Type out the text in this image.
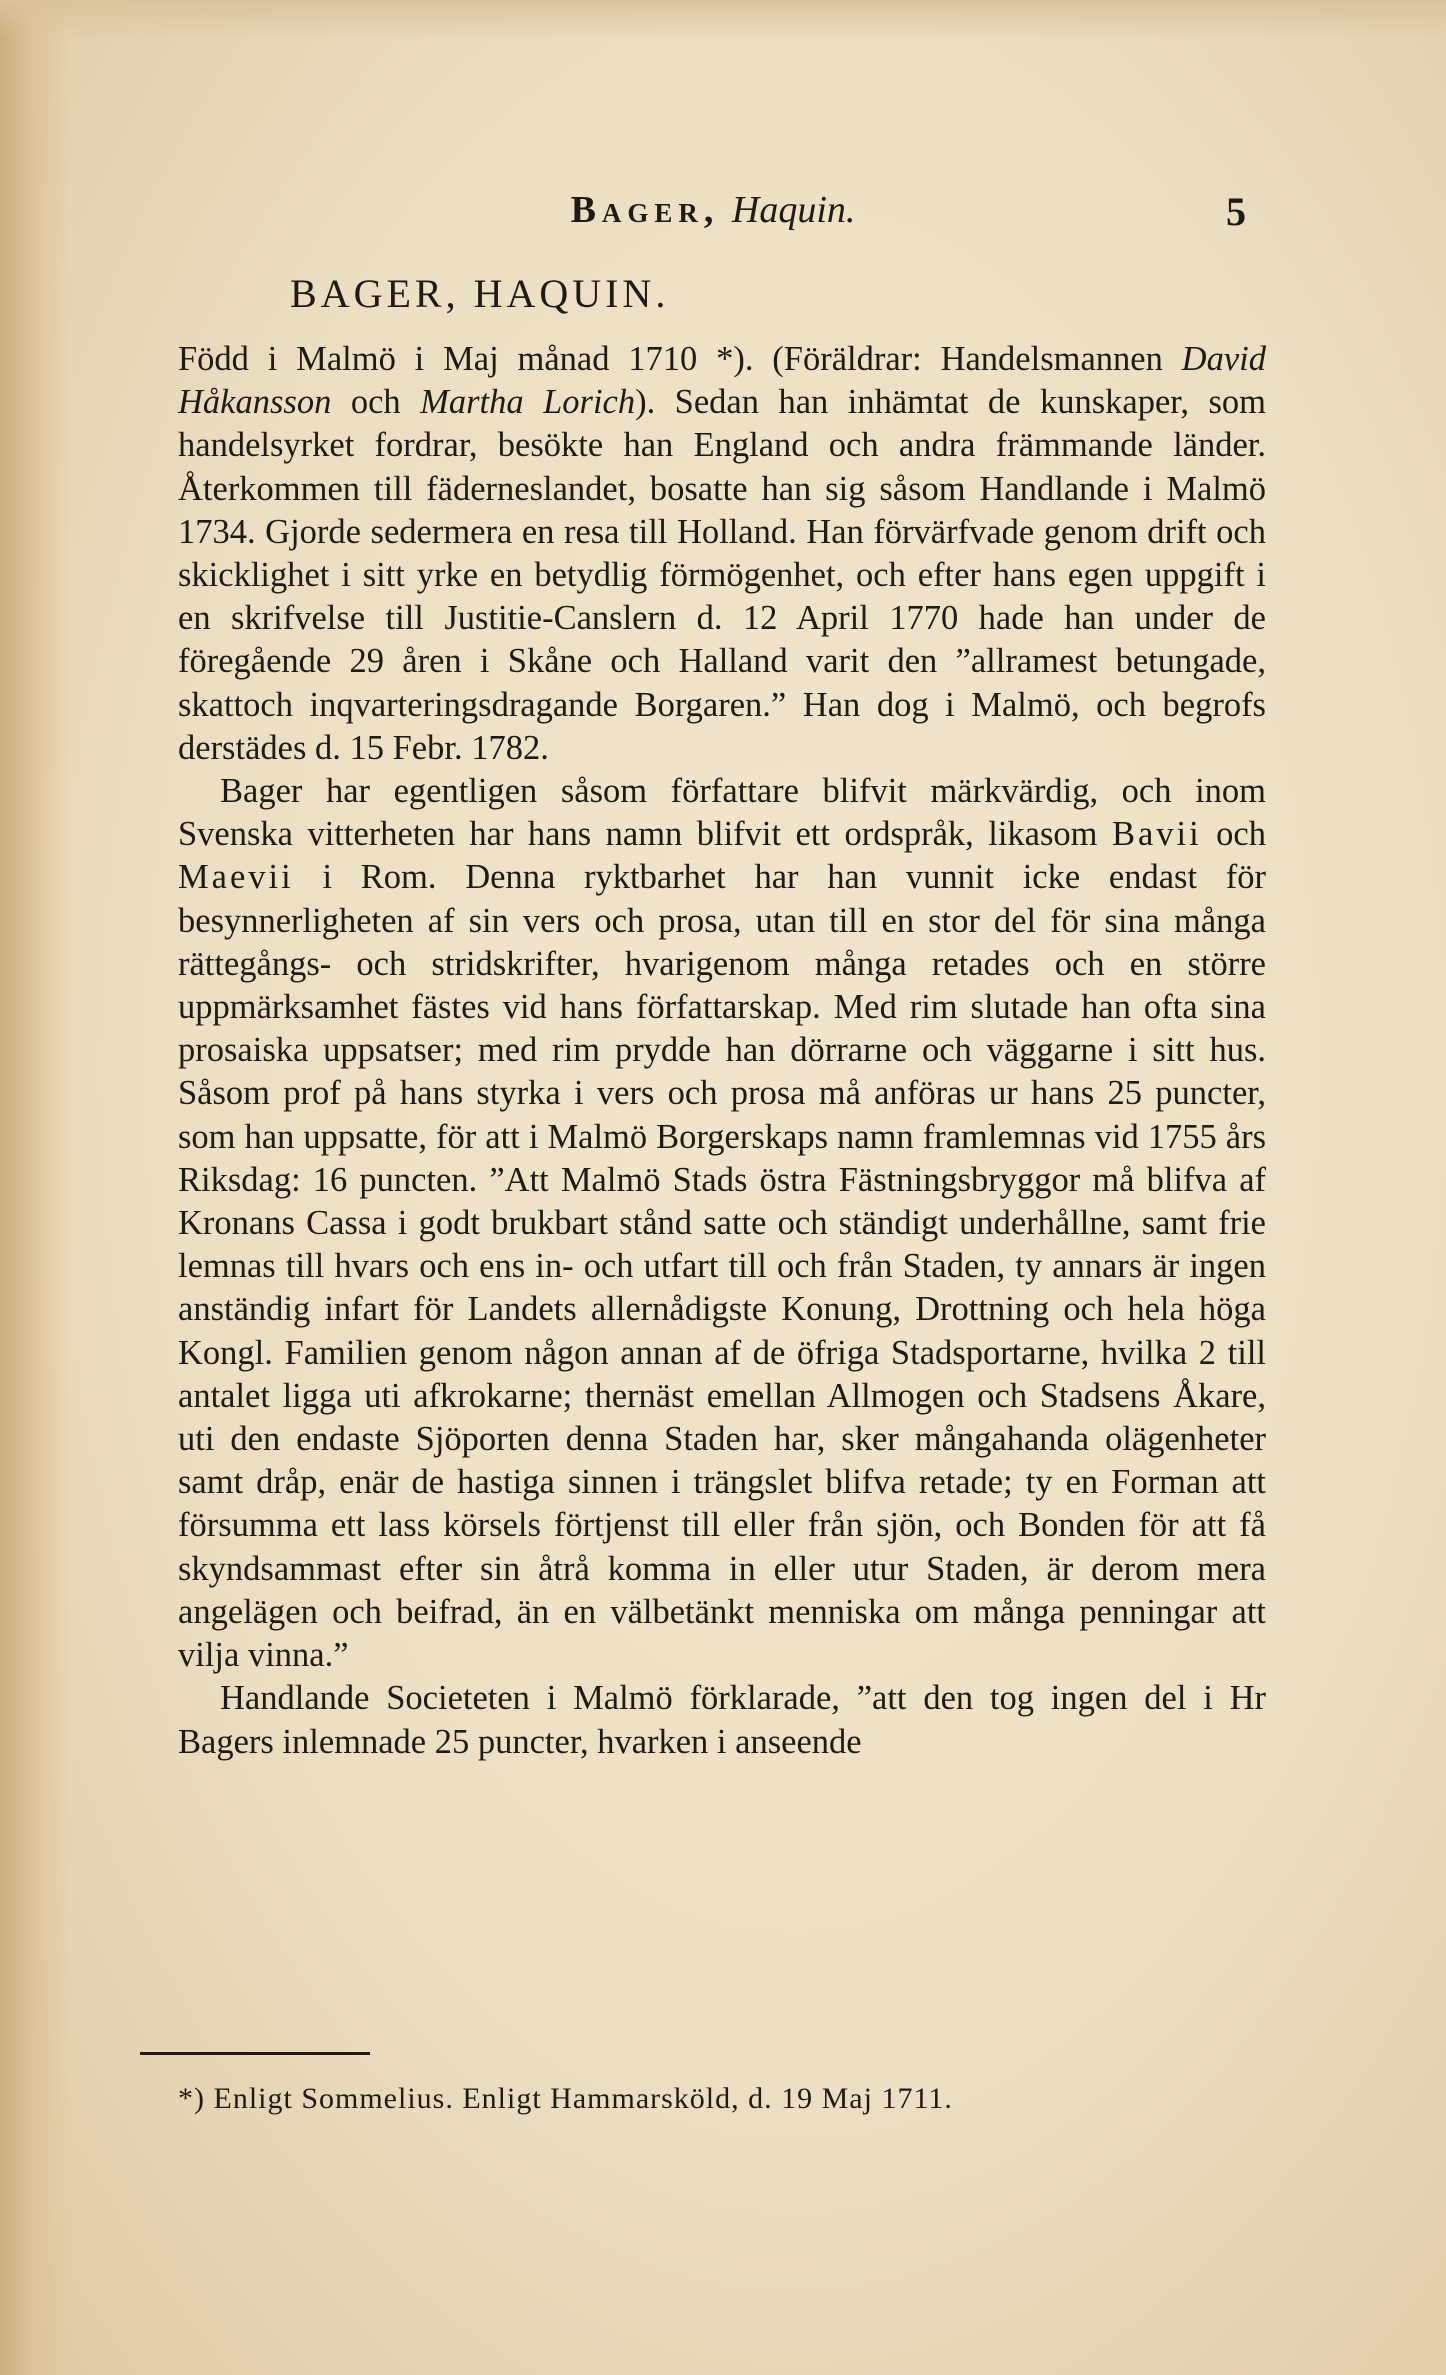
Bager, Haquin.	5
BAGER, HAQUIN.

Född i Malmö i Maj månad 1710 *). (Föräldrar: Handelsmannen David Håkansson och Martha Lorich). Sedan han inhämtat de kunskaper, som handelsyrket fordrar, besökte han England och andra främmande länder. Återkommen till fäderneslandet, bosatte han sig såsom Handlande i Malmö 1734. Gjorde sedermera en resa till Holland. Han förvärfvade genom drift och skicklighet i sitt yrke en betydlig förmögenhet, och efter hans egen uppgift i en skrifvelse till Justitie-Canslern d. 12 April 1770 hade han under de föregående 29 åren i Skåne och Halland varit den ”allramest betungade, skattoch inqvarteringsdragande Borgaren.” Han dog i Malmö, och begrofs derstädes d. 15 Febr. 1782.

Bager har egentligen såsom författare blifvit märkvärdig, och inom Svenska vitterheten har hans namn blifvit ett ordspråk, likasom Bavii och Maevii i Rom. Denna ryktbarhet har han vunnit icke endast för besynnerligheten af sin vers och prosa, utan till en stor del för sina många rättegångs- och stridskrifter, hvarigenom många retades och en större uppmärksamhet fästes vid hans författarskap. Med rim slutade han ofta sina prosaiska uppsatser; med rim prydde han dörrarne och väggarne i sitt hus. Såsom prof på hans styrka i vers och prosa må anföras ur hans 25 puncter, som han uppsatte, för att i Malmö Borgerskaps namn framlemnas vid 1755 års Riksdag: 16 puncten. ”Att Malmö Stads östra Fästningsbryggor må blifva af Kronans Cassa i godt brukbart stånd satte och ständigt underhållne, samt frie lemnas till hvars och ens in- och utfart till och från Staden, ty annars är ingen anständig infart för Landets allernådigste Konung, Drottning och hela höga Kongl. Familien genom någon annan af de öfriga Stadsportarne, hvilka 2 till antalet ligga uti afkrokarne; thernäst emellan Allmogen och Stadsens Åkare, uti den endaste Sjöporten denna Staden har, sker mångahanda olägenheter samt dråp, enär de hastiga sinnen i trängslet blifva retade; ty en Forman att försumma ett lass körsels förtjenst till eller från sjön, och Bonden för att få skyndsammast efter sin åtrå komma in eller utur Staden, är derom mera angelägen och beifrad, än en välbetänkt menniska om många penningar att vilja vinna.”

Handlande Societeten i Malmö förklarade, ”att den tog ingen del i Hr Bagers inlemnade 25 puncter, hvarken i anseende

*) Enligt Sommelius. Enligt Hammarsköld, d. 19 Maj 1711.
